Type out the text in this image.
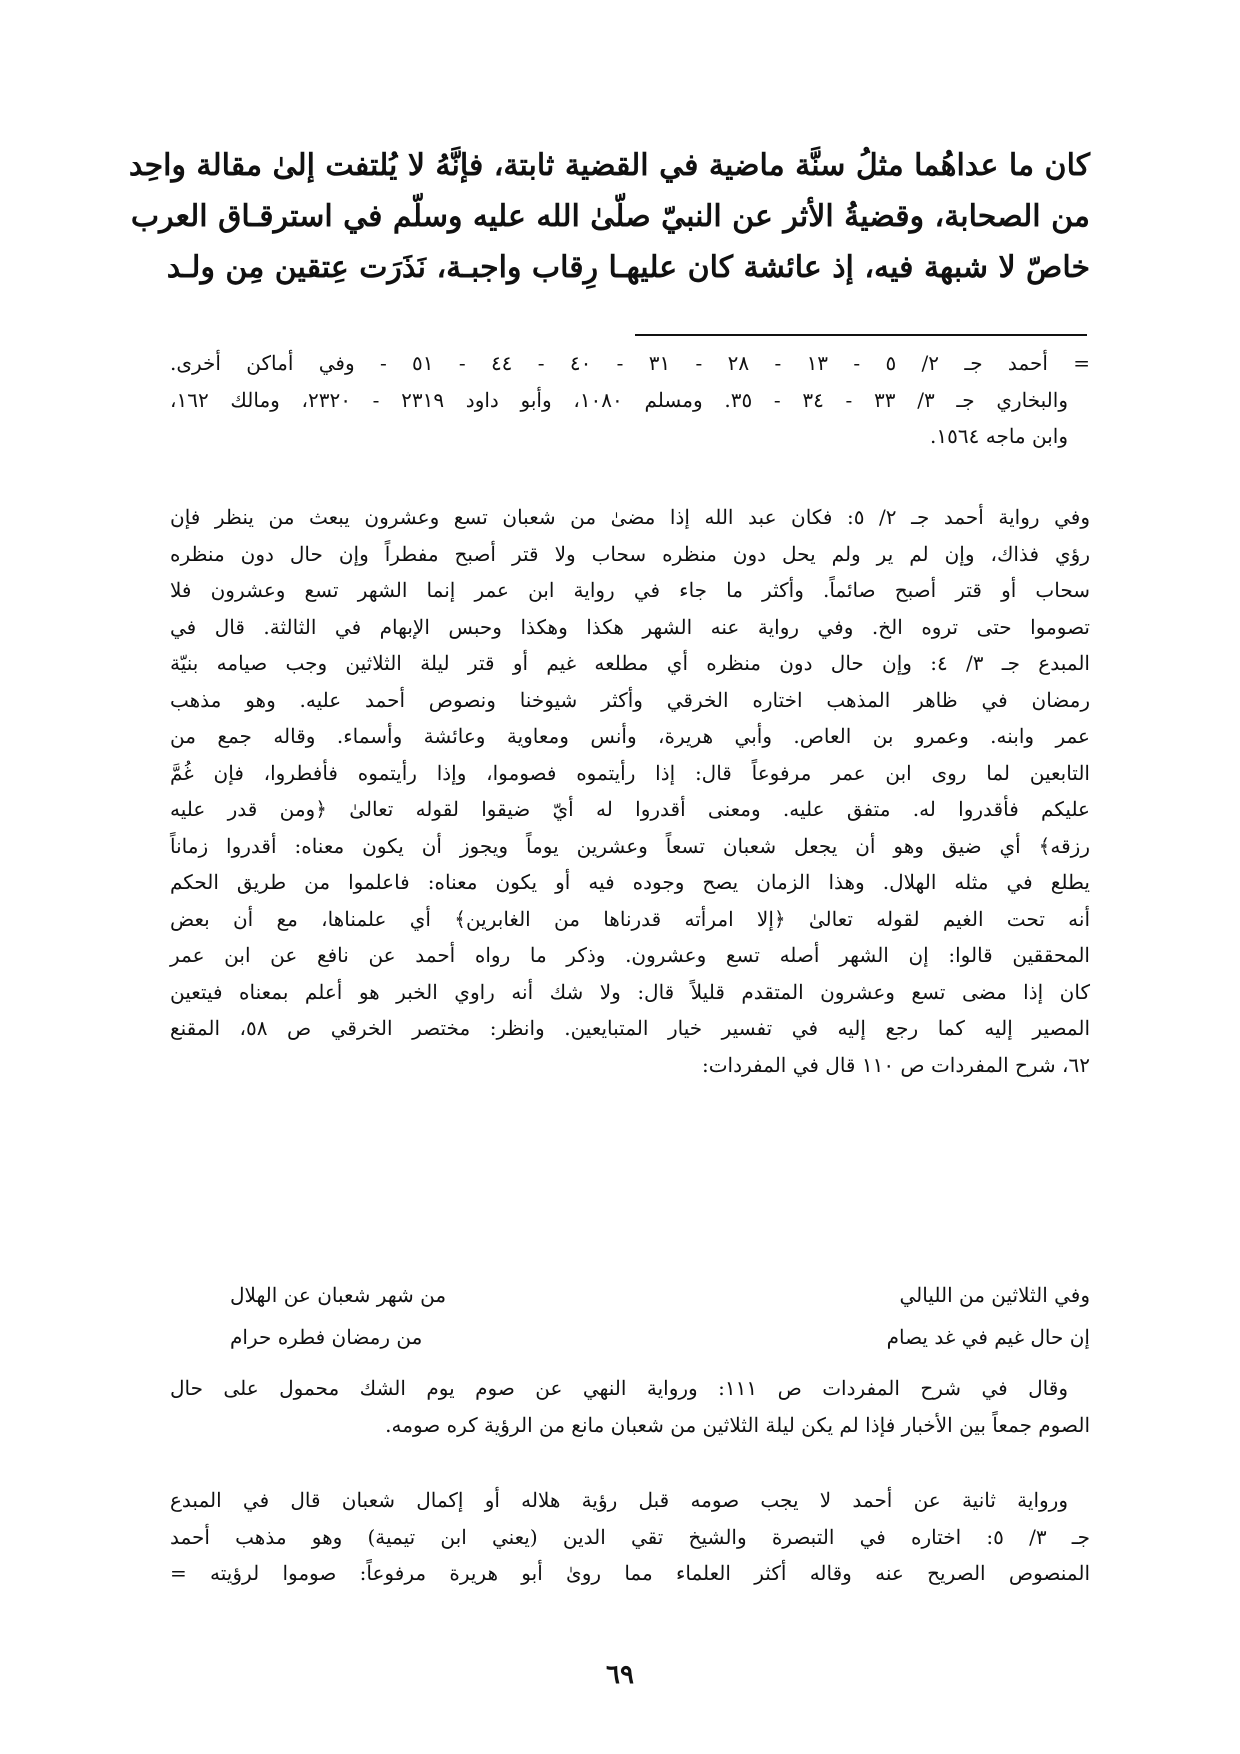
كان ما عداهُما مثلُ سنَّة ماضية في القضية ثابتة، فإنَّهُ لا يُلتفت إلىٰ مقالة واحِد

من الصحابة، وقضيةُ الأثر عن النبيّ صلّىٰ الله عليه وسلّم في استرقـاق العرب

خاصّ لا شبهة فيه، إذ عائشة كان عليهـا رِقاب واجبـة، نَذَرَت عِتقين مِن ولـد

= أحمد جـ ٢/ ٥ - ١٣ - ٢٨ - ٣١ - ٤٠ - ٤٤ - ٥١ - وفي أماكن أخرى.

والبخاري جـ ٣/ ٣٣ - ٣٤ - ٣٥. ومسلم ١٠٨٠، وأبو داود ٢٣١٩ - ٢٣٢٠، ومالك ١٦٢،

وابن ماجه ١٥٦٤.

وفي رواية أحمد جـ ٢/ ٥: فكان عبد الله إذا مضىٰ من شعبان تسع وعشرون يبعث من ينظر فإن

رؤي فذاك، وإن لم ير ولم يحل دون منظره سحاب ولا قتر أصبح مفطراً وإن حال دون منظره

سحاب أو قتر أصبح صائماً. وأكثر ما جاء في رواية ابن عمر إنما الشهر تسع وعشرون فلا

تصوموا حتى تروه الخ. وفي رواية عنه الشهر هكذا وهكذا وحبس الإبهام في الثالثة. قال في

المبدع جـ ٣/ ٤: وإن حال دون منظره أي مطلعه غيم أو قتر ليلة الثلاثين وجب صيامه بنيّة

رمضان في ظاهر المذهب اختاره الخرقي وأكثر شيوخنا ونصوص أحمد عليه. وهو مذهب

عمر وابنه. وعمرو بن العاص. وأبي هريرة، وأنس ومعاوية وعائشة وأسماء. وقاله جمع من

التابعين لما روى ابن عمر مرفوعاً قال: إذا رأيتموه فصوموا، وإذا رأيتموه فأفطروا، فإن غُمَّ

عليكم فأقدروا له. متفق عليه. ومعنى أقدروا له أيّ ضيقوا لقوله تعالىٰ ﴿ومن قدر عليه

رزقه﴾ أي ضيق وهو أن يجعل شعبان تسعاً وعشرين يوماً ويجوز أن يكون معناه: أقدروا زماناً

يطلع في مثله الهلال. وهذا الزمان يصح وجوده فيه أو يكون معناه: فاعلموا من طريق الحكم

أنه تحت الغيم لقوله تعالىٰ ﴿إلا امرأته قدرناها من الغابرين﴾ أي علمناها، مع أن بعض

المحققين قالوا: إن الشهر أصله تسع وعشرون. وذكر ما رواه أحمد عن نافع عن ابن عمر

كان إذا مضى تسع وعشرون المتقدم قليلاً قال: ولا شك أنه راوي الخبر هو أعلم بمعناه فيتعين

المصير إليه كما رجع إليه في تفسير خيار المتبايعين. وانظر: مختصر الخرقي ص ٥٨، المقنع

٦٢، شرح المفردات ص ١١٠ قال في المفردات:

وفي الثلاثين من الليالي
من شهر شعبان عن الهلال
إن حال غيم في غد يصام
من رمضان فطره حرام

وقال في شرح المفردات ص ١١١: ورواية النهي عن صوم يوم الشك محمول على حال

الصوم جمعاً بين الأخبار فإذا لم يكن ليلة الثلاثين من شعبان مانع من الرؤية كره صومه.

ورواية ثانية عن أحمد لا يجب صومه قبل رؤية هلاله أو إكمال شعبان قال في المبدع

جـ ٣/ ٥: اختاره في التبصرة والشيخ تقي الدين (يعني ابن تيمية) وهو مذهب أحمد

المنصوص الصريح عنه وقاله أكثر العلماء مما روىٰ أبو هريرة مرفوعاً: صوموا لرؤيته =

٦٩
